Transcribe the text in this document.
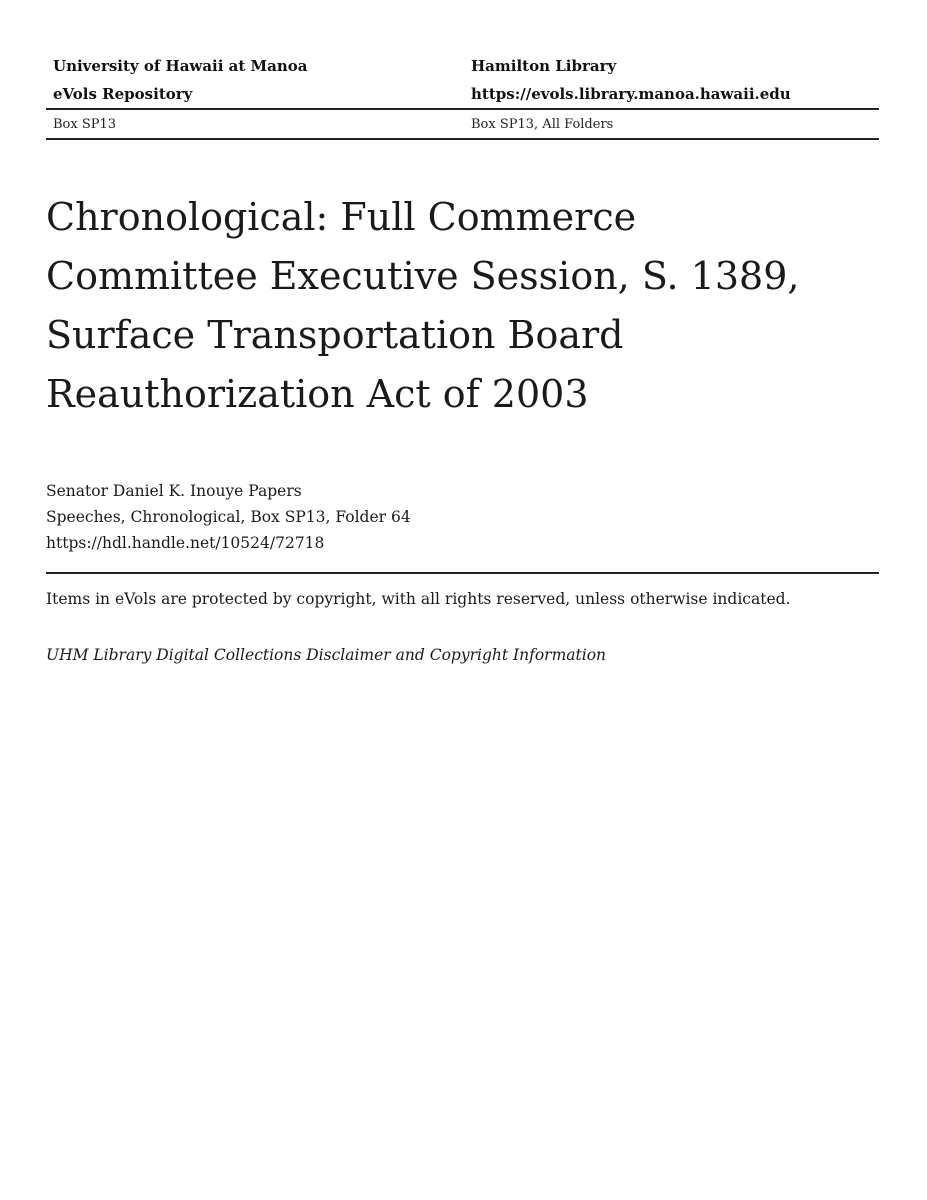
University of Hawaii at Manoa	Hamilton Library
eVols Repository	https://evols.library.manoa.hawaii.edu
Box SP13	Box SP13, All Folders
Chronological: Full Commerce
Committee Executive Session, S. 1389,
Surface Transportation Board
Reauthorization Act of 2003
Senator Daniel K. Inouye Papers
Speeches, Chronological, Box SP13, Folder 64
https://hdl.handle.net/10524/72718
Items in eVols are protected by copyright, with all rights reserved, unless otherwise indicated.
UHM Library Digital Collections Disclaimer and Copyright Information
